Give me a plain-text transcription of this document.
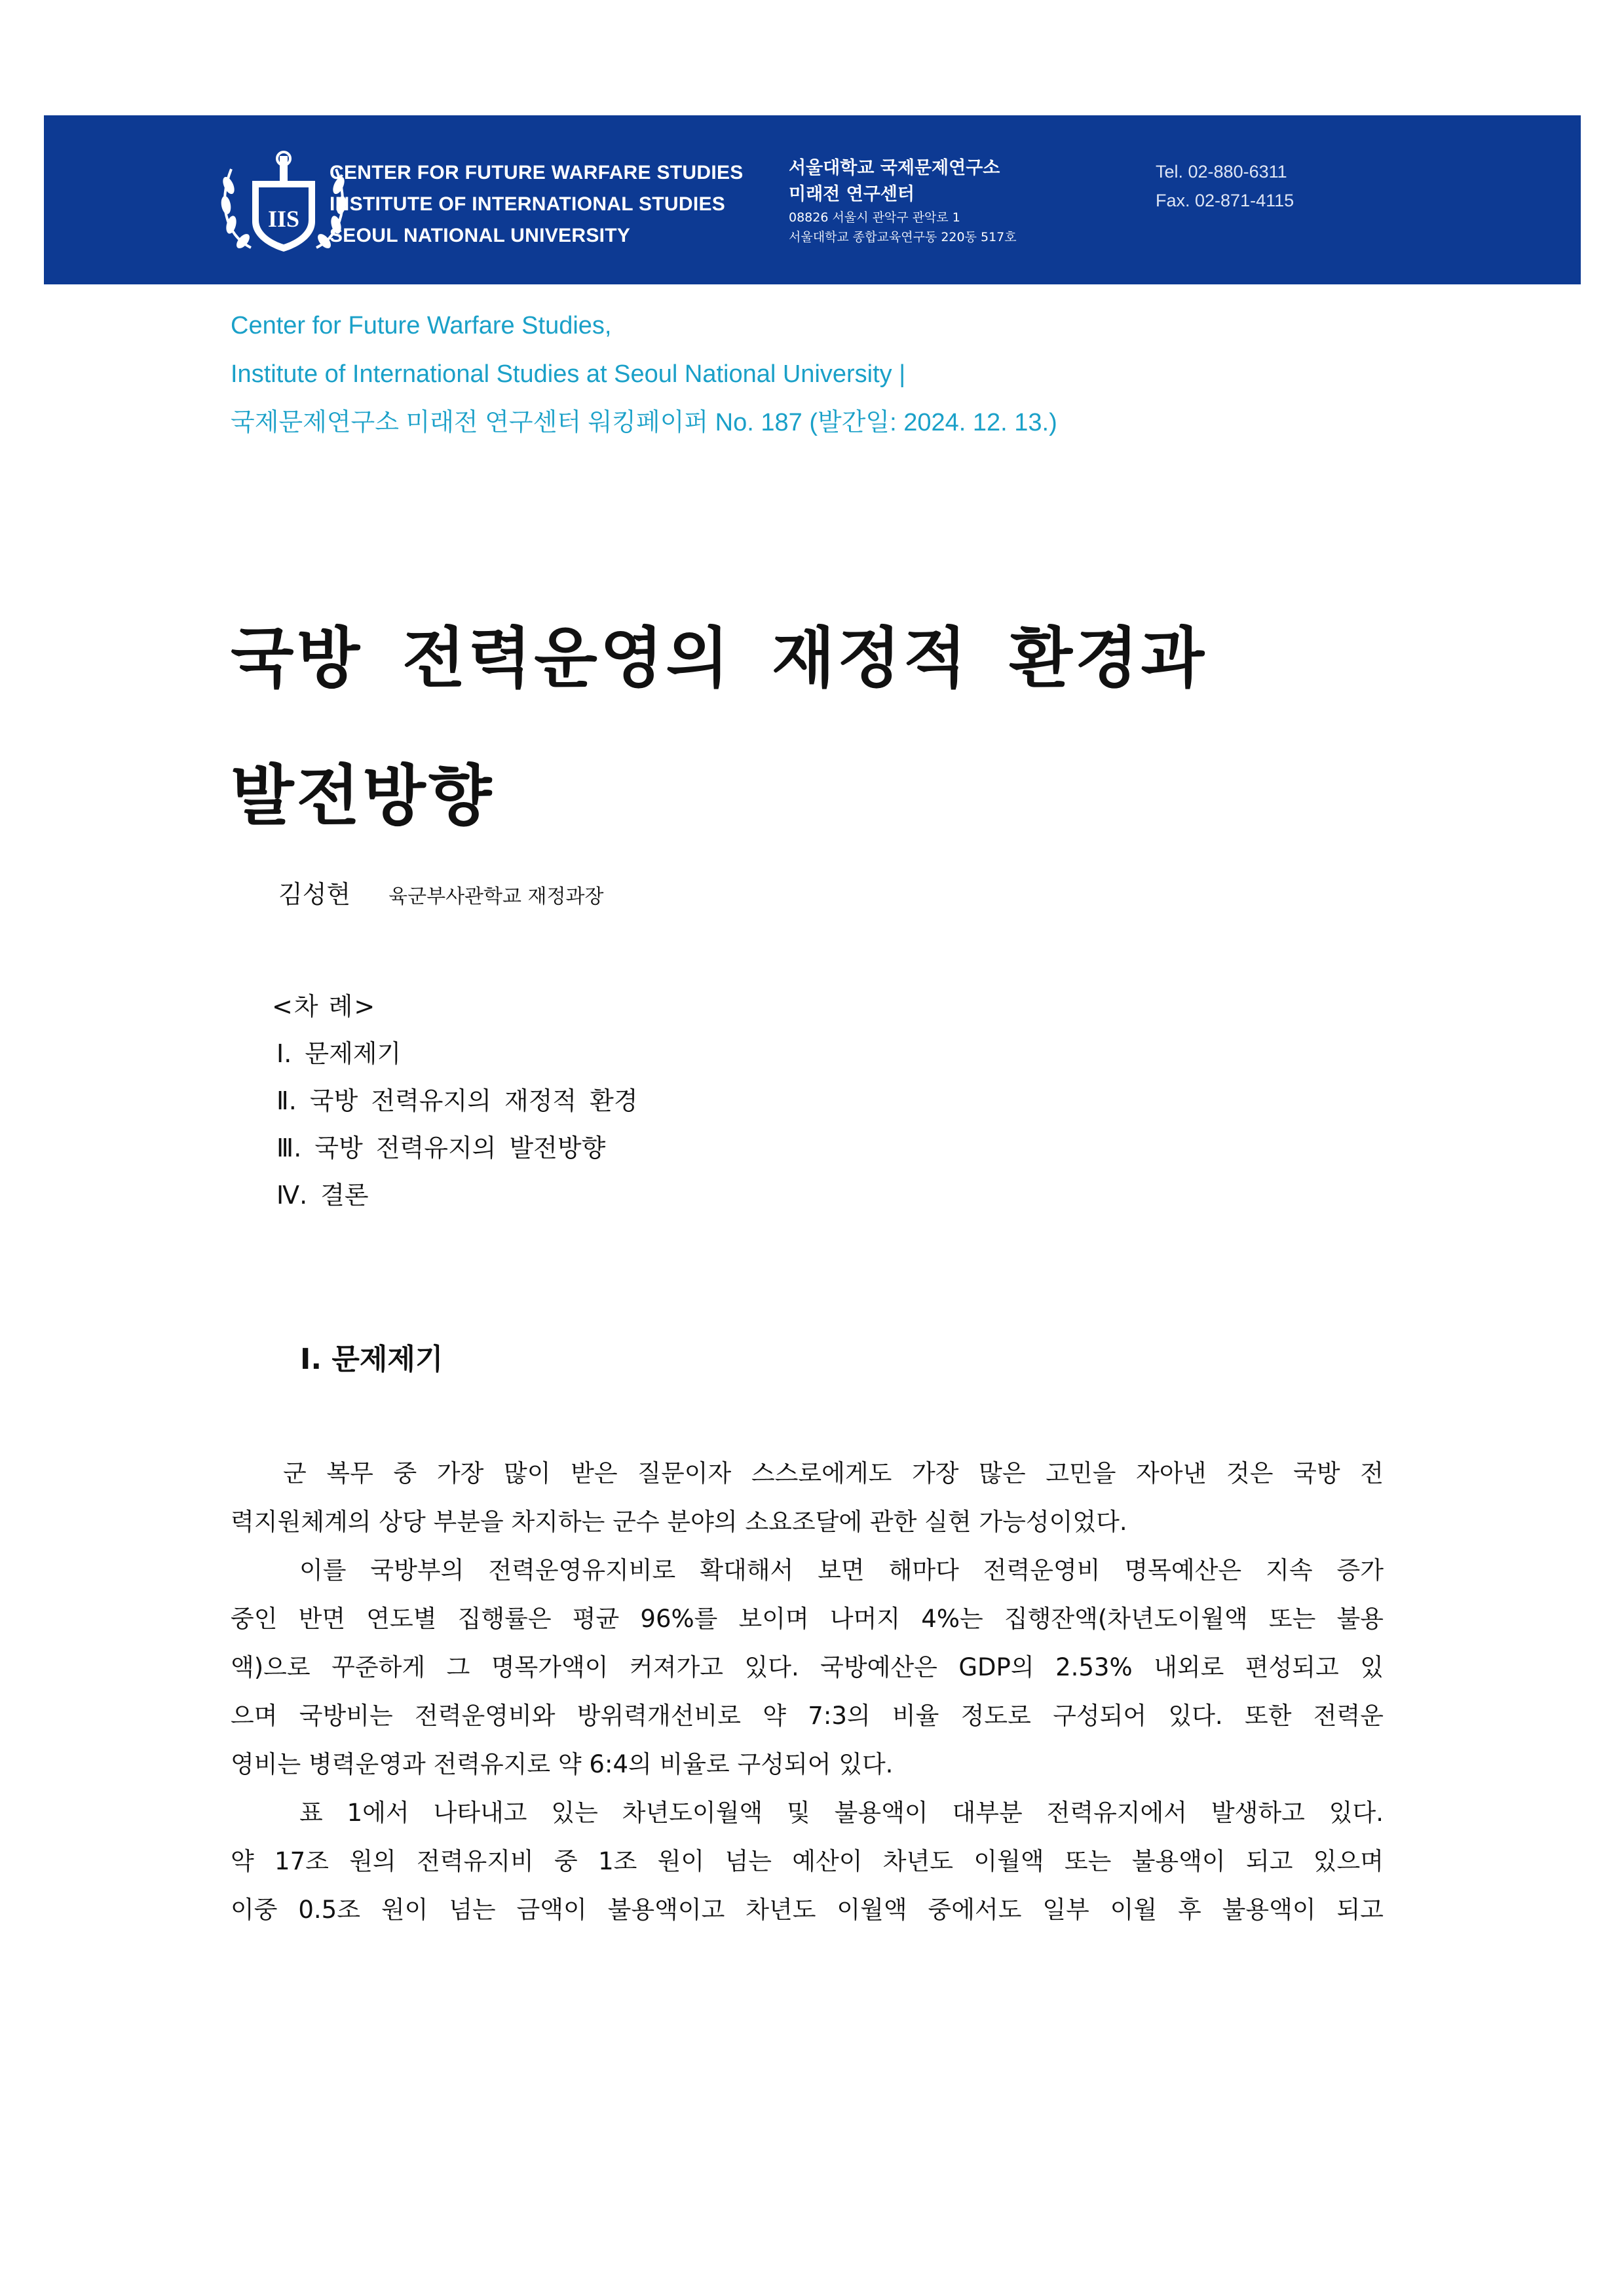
IIS
CENTER FOR FUTURE WARFARE STUDIES
INSTITUTE OF INTERNATIONAL STUDIES
SEOUL NATIONAL UNIVERSITY
서울대학교 국제문제연구소
미래전 연구센터
08826 서울시 관악구 관악로 1
서울대학교 종합교육연구동 220동 517호
Tel. 02-880-6311
Fax. 02-871-4115
Center for Future Warfare Studies,
Institute of International Studies at Seoul National University |
국제문제연구소 미래전 연구센터 워킹페이퍼 No. 187 (발간일: 2024. 12. 13.)
국방 전력운영의 재정적 환경과
발전방향
김성현 육군부사관학교 재정과장
<차 례>
Ⅰ. 문제제기
Ⅱ. 국방 전력유지의 재정적 환경
Ⅲ. 국방 전력유지의 발전방향
Ⅳ. 결론
Ⅰ. 문제제기

군 복무 중 가장 많이 받은 질문이자 스스로에게도 가장 많은 고민을 자아낸 것은 국방 전

력지원체계의 상당 부분을 차지하는 군수 분야의 소요조달에 관한 실현 가능성이었다.

이를 국방부의 전력운영유지비로 확대해서 보면 해마다 전력운영비 명목예산은 지속 증가

중인 반면 연도별 집행률은 평균 96%를 보이며 나머지 4%는 집행잔액(차년도이월액 또는 불용

액)으로 꾸준하게 그 명목가액이 커져가고 있다. 국방예산은 GDP의 2.53% 내외로 편성되고 있

으며 국방비는 전력운영비와 방위력개선비로 약 7:3의 비율 정도로 구성되어 있다. 또한 전력운

영비는 병력운영과 전력유지로 약 6:4의 비율로 구성되어 있다.

표 1에서 나타내고 있는 차년도이월액 및 불용액이 대부분 전력유지에서 발생하고 있다.

약 17조 원의 전력유지비 중 1조 원이 넘는 예산이 차년도 이월액 또는 불용액이 되고 있으며

이중 0.5조 원이 넘는 금액이 불용액이고 차년도 이월액 중에서도 일부 이월 후 불용액이 되고
